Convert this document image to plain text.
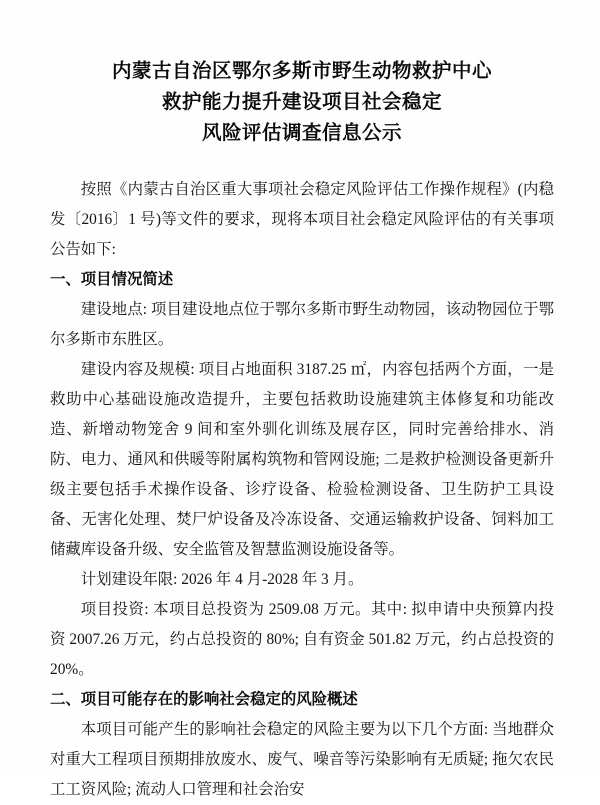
内蒙古自治区鄂尔多斯市野生动物救护中心
救护能力提升建设项目社会稳定
风险评估调查信息公示

按照《内蒙古自治区重大事项社会稳定风险评估工作操作规程》(内稳发〔2016〕1 号)等文件的要求，现将本项目社会稳定风险评估的有关事项公告如下:

一、项目情况简述

建设地点: 项目建设地点位于鄂尔多斯市野生动物园，该动物园位于鄂尔多斯市东胜区。

建设内容及规模: 项目占地面积 3187.25 ㎡，内容包括两个方面，一是救助中心基础设施改造提升，主要包括救助设施建筑主体修复和功能改造、新增动物笼舍 9 间和室外驯化训练及展存区，同时完善给排水、消防、电力、通风和供暖等附属构筑物和管网设施; 二是救护检测设备更新升级主要包括手术操作设备、诊疗设备、检验检测设备、卫生防护工具设备、无害化处理、焚尸炉设备及冷冻设备、交通运输救护设备、饲料加工储藏库设备升级、安全监管及智慧监测设施设备等。

计划建设年限: 2026 年 4 月-2028 年 3 月。

项目投资: 本项目总投资为 2509.08 万元。其中: 拟申请中央预算内投资 2007.26 万元，约占总投资的 80%; 自有资金 501.82 万元，约占总投资的 20%。

二、项目可能存在的影响社会稳定的风险概述

本项目可能产生的影响社会稳定的风险主要为以下几个方面: 当地群众对重大工程项目预期排放废水、废气、噪音等污染影响有无质疑; 拖欠农民工工资风险; 流动人口管理和社会治安
